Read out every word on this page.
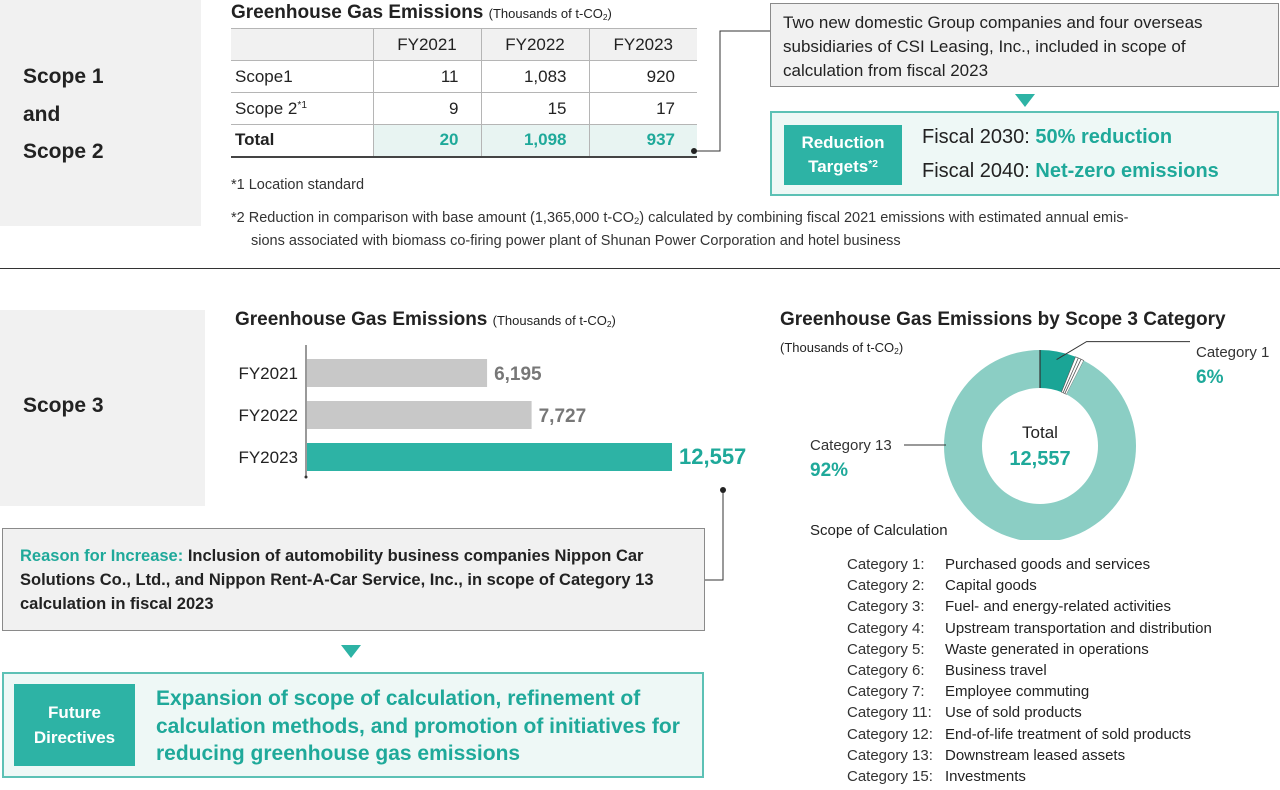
Scope 1
and
Scope 2
Greenhouse Gas Emissions (Thousands of $t-CO_2$)
	FY2021	FY2022	FY2023
Scope1	11	1,083	920
Scope 2$^{*1}$	9	15	17
Total	20	1,098	937
*1 Location standard
*2 Reduction in comparison with base amount (1,365,000 $t-CO_2$) calculated by combining fiscal 2021 emissions with estimated annual emis-
sions associated with biomass co-firing power plant of Shunan Power Corporation and hotel business
Two new domestic Group companies and four overseas subsidiaries of CSI Leasing, Inc., included in scope of calculation from fiscal 2023
Reduction
Targets$^{*2}$
Fiscal 2030: 50% reduction
Fiscal 2040: Net-zero emissions
Scope 3
Greenhouse Gas Emissions (Thousands of $t-CO_2$)
FY2021	6,195
FY2022	7,727
FY2023	12,557
Reason for Increase: Inclusion of automobility business companies Nippon Car Solutions Co., Ltd., and Nippon Rent-A-Car Service, Inc., in scope of Category 13 calculation in fiscal 2023
Future
Directives
Expansion of scope of calculation, refinement of calculation methods, and promotion of initiatives for reducing greenhouse gas emissions
Greenhouse Gas Emissions by Scope 3 Category
(Thousands of $t-CO_2$)
Total
12,557
Category 1
6%
Category 13
92%
Scope of Calculation
Category 1: Purchased goods and services
Category 2: Capital goods
Category 3: Fuel- and energy-related activities
Category 4: Upstream transportation and distribution
Category 5: Waste generated in operations
Category 6: Business travel
Category 7: Employee commuting
Category 11: Use of sold products
Category 12: End-of-life treatment of sold products
Category 13: Downstream leased assets
Category 15: Investments
